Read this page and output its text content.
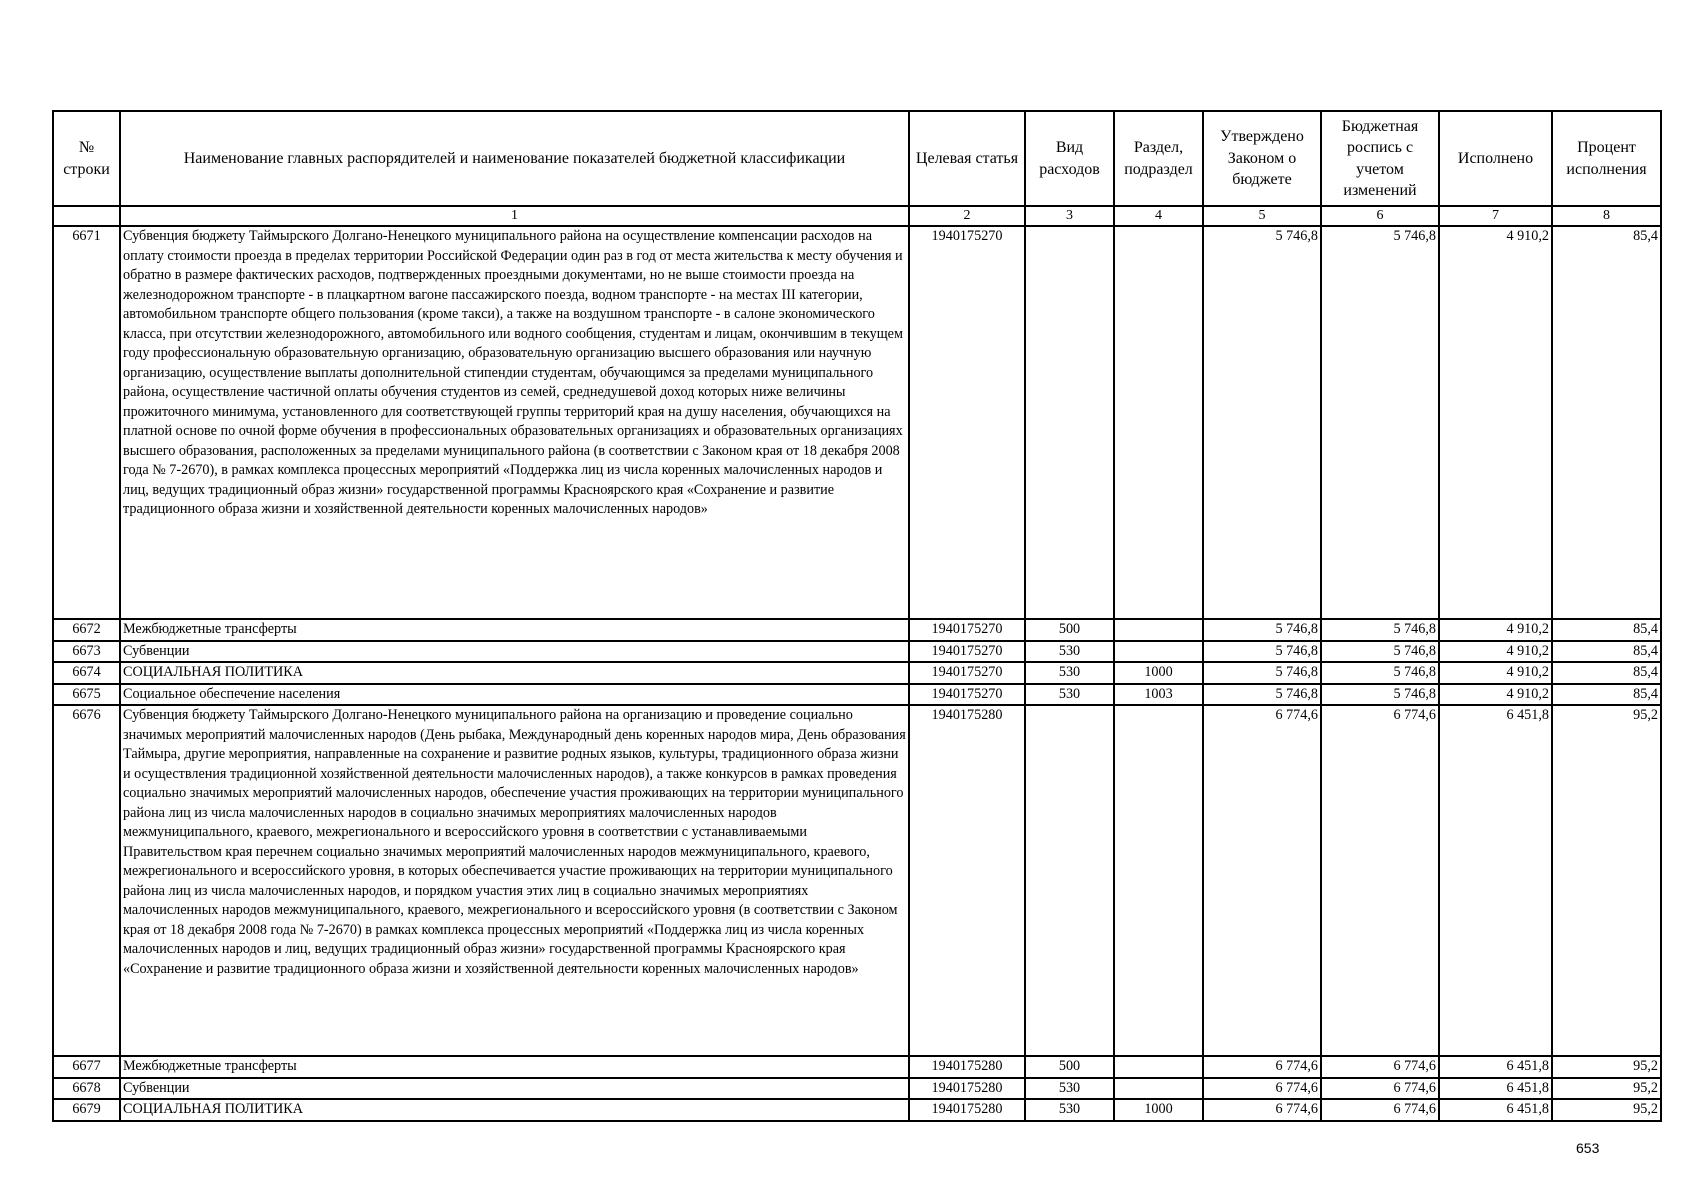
№ строки	Наименование главных распорядителей и наименование показателей бюджетной классификации	Целевая статья	Вид расходов	Раздел, подраздел	Утверждено Законом о бюджете	Бюджетная роспись с учетом изменений	Исполнено	Процент исполнения
	1	2	3	4	5	6	7	8
6671	Субвенция бюджету Таймырского Долгано-Ненецкого муниципального района на осуществление компенсации расходов на оплату стоимости проезда в пределах территории Российской Федерации один раз в год от места жительства к месту обучения и обратно в размере фактических расходов, подтвержденных проездными документами, но не выше стоимости проезда на железнодорожном транспорте - в плацкартном вагоне пассажирского поезда, водном транспорте - на местах III категории, автомобильном транспорте общего пользования (кроме такси), а также на воздушном транспорте - в салоне экономического класса, при отсутствии железнодорожного, автомобильного или водного сообщения, студентам и лицам, окончившим в текущем году профессиональную образовательную организацию, образовательную организацию высшего образования или научную организацию, осуществление выплаты дополнительной стипендии студентам, обучающимся за пределами муниципального района, осуществление частичной оплаты обучения студентов из семей, среднедушевой доход которых ниже величины прожиточного минимума, установленного для соответствующей группы территорий края на душу населения, обучающихся на платной основе по очной форме обучения в профессиональных образовательных организациях и образовательных организациях высшего образования, расположенных за пределами муниципального района (в соответствии с Законом края от 18 декабря 2008 года № 7-2670), в рамках комплекса процессных мероприятий «Поддержка лиц из числа коренных малочисленных народов и лиц, ведущих традиционный образ жизни» государственной программы Красноярского края «Сохранение и развитие традиционного образа жизни и хозяйственной деятельности коренных малочисленных народов»	1940175270			5 746,8	5 746,8	4 910,2	85,4
6672	Межбюджетные трансферты	1940175270	500		5 746,8	5 746,8	4 910,2	85,4
6673	Субвенции	1940175270	530		5 746,8	5 746,8	4 910,2	85,4
6674	СОЦИАЛЬНАЯ ПОЛИТИКА	1940175270	530	1000	5 746,8	5 746,8	4 910,2	85,4
6675	Социальное обеспечение населения	1940175270	530	1003	5 746,8	5 746,8	4 910,2	85,4
6676	Субвенция бюджету Таймырского Долгано-Ненецкого муниципального района на организацию и проведение социально значимых мероприятий малочисленных народов (День рыбака, Международный день коренных народов мира, День образования Таймыра, другие мероприятия, направленные на сохранение и развитие родных языков, культуры, традиционного образа жизни и осуществления традиционной хозяйственной деятельности малочисленных народов), а также конкурсов в рамках проведения социально значимых мероприятий малочисленных народов, обеспечение участия проживающих на территории муниципального района лиц из числа малочисленных народов в социально значимых мероприятиях малочисленных народов межмуниципального, краевого, межрегионального и всероссийского уровня в соответствии с устанавливаемыми Правительством края перечнем социально значимых мероприятий малочисленных народов межмуниципального, краевого, межрегионального и всероссийского уровня, в которых обеспечивается участие проживающих на территории муниципального района лиц из числа малочисленных народов, и порядком участия этих лиц в социально значимых мероприятиях малочисленных народов межмуниципального, краевого, межрегионального и всероссийского уровня (в соответствии с Законом края от 18 декабря 2008 года № 7-2670) в рамках комплекса процессных мероприятий «Поддержка лиц из числа коренных малочисленных народов и лиц, ведущих традиционный образ жизни» государственной программы Красноярского края «Сохранение и развитие традиционного образа жизни и хозяйственной деятельности коренных малочисленных народов»	1940175280			6 774,6	6 774,6	6 451,8	95,2
6677	Межбюджетные трансферты	1940175280	500		6 774,6	6 774,6	6 451,8	95,2
6678	Субвенции	1940175280	530		6 774,6	6 774,6	6 451,8	95,2
6679	СОЦИАЛЬНАЯ ПОЛИТИКА	1940175280	530	1000	6 774,6	6 774,6	6 451,8	95,2
653
